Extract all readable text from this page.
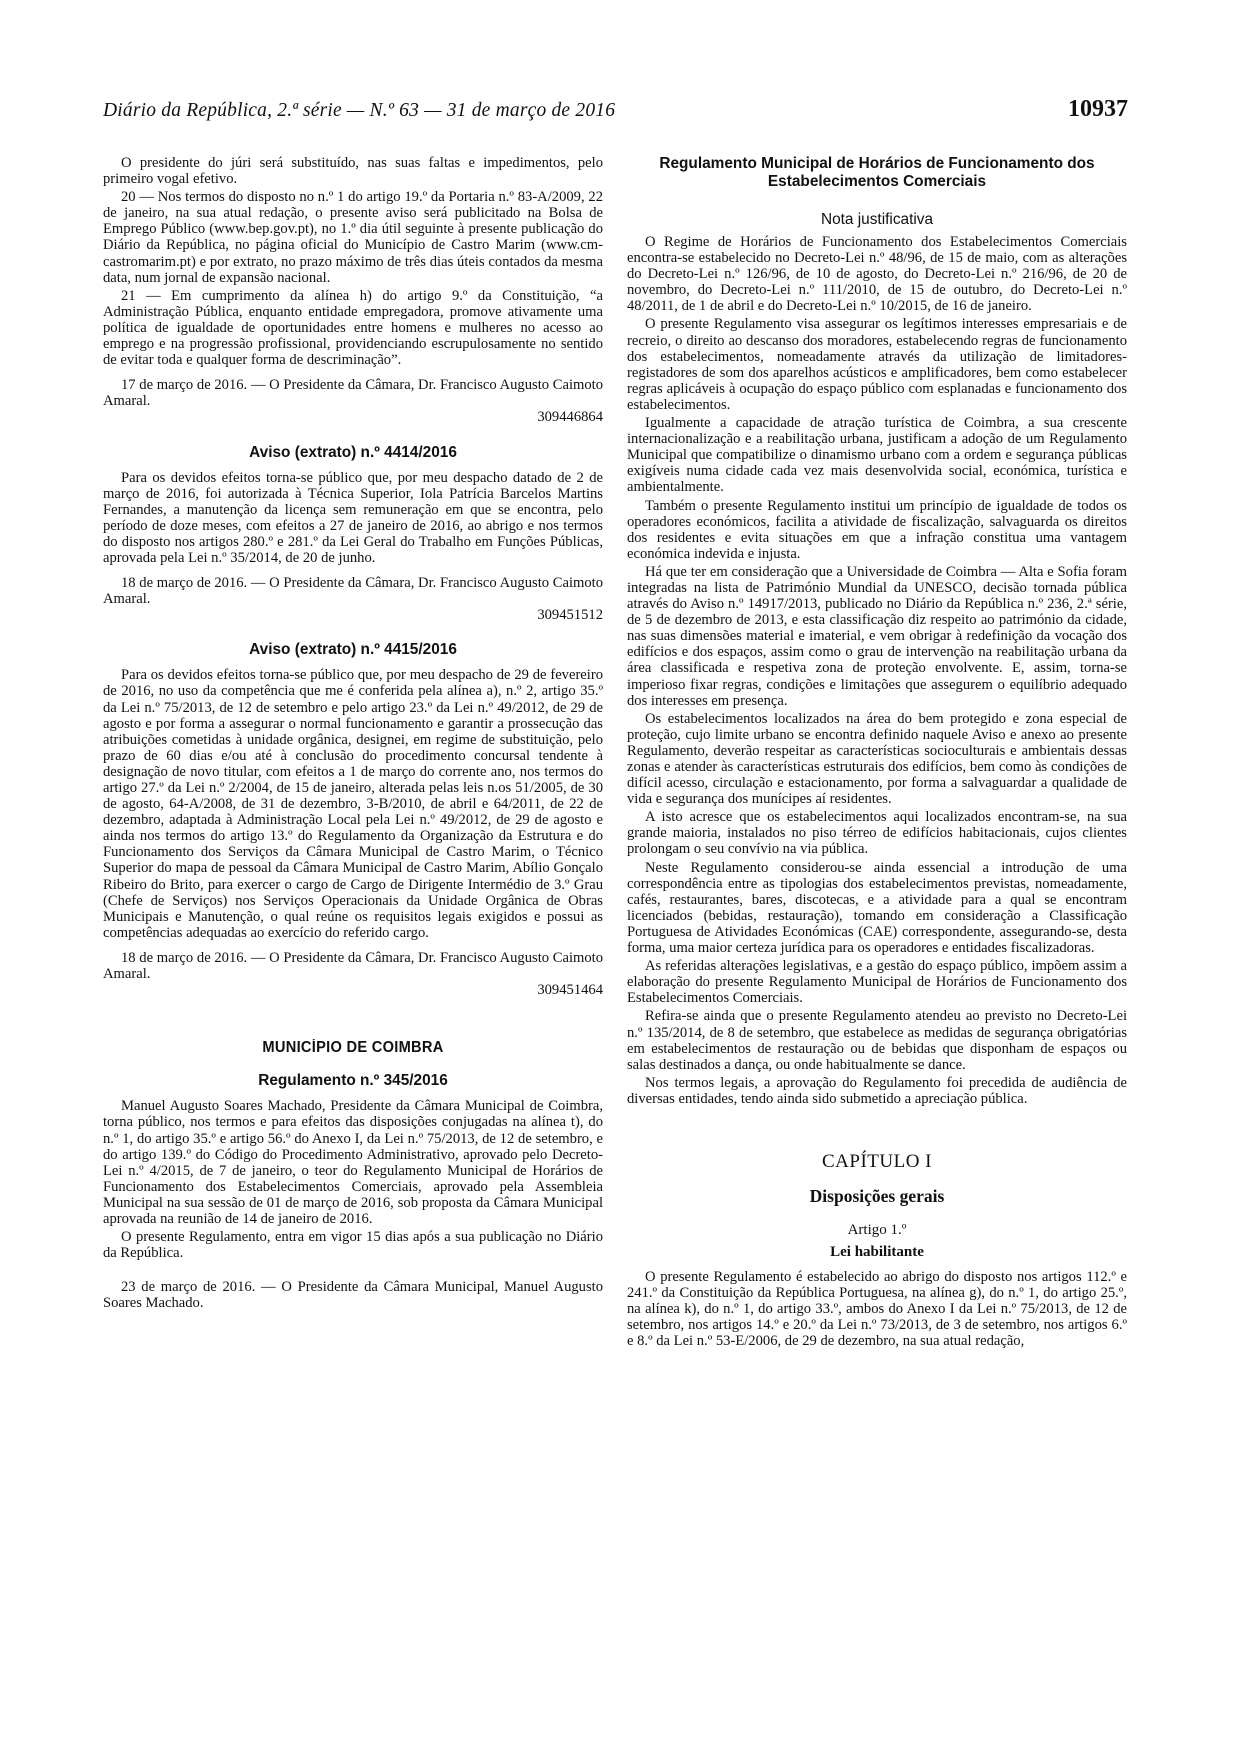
Diário da República, 2.ª série — N.º 63 — 31 de março de 2016	10937

O presidente do júri será substituído, nas suas faltas e impedimentos, pelo primeiro vogal efetivo.

20 — Nos termos do disposto no n.º 1 do artigo 19.º da Portaria n.º 83-A/2009, 22 de janeiro, na sua atual redação, o presente aviso será publicitado na Bolsa de Emprego Público (www.bep.gov.pt), no 1.º dia útil seguinte à presente publicação do Diário da República, no página oficial do Município de Castro Marim (www.cm-castromarim.pt) e por extrato, no prazo máximo de três dias úteis contados da mesma data, num jornal de expansão nacional.

21 — Em cumprimento da alínea h) do artigo 9.º da Constituição, “a Administração Pública, enquanto entidade empregadora, promove ativamente uma política de igualdade de oportunidades entre homens e mulheres no acesso ao emprego e na progressão profissional, providenciando escrupulosamente no sentido de evitar toda e qualquer forma de descriminação”.

17 de março de 2016. — O Presidente da Câmara, Dr. Francisco Augusto Caimoto Amaral.

309446864

Aviso (extrato) n.º 4414/2016

Para os devidos efeitos torna-se público que, por meu despacho datado de 2 de março de 2016, foi autorizada à Técnica Superior, Iola Patrícia Barcelos Martins Fernandes, a manutenção da licença sem remuneração em que se encontra, pelo período de doze meses, com efeitos a 27 de janeiro de 2016, ao abrigo e nos termos do disposto nos artigos 280.º e 281.º da Lei Geral do Trabalho em Funções Públicas, aprovada pela Lei n.º 35/2014, de 20 de junho.

18 de março de 2016. — O Presidente da Câmara, Dr. Francisco Augusto Caimoto Amaral.

309451512

Aviso (extrato) n.º 4415/2016

Para os devidos efeitos torna-se público que, por meu despacho de 29 de fevereiro de 2016, no uso da competência que me é conferida pela alínea a), n.º 2, artigo 35.º da Lei n.º 75/2013, de 12 de setembro e pelo artigo 23.º da Lei n.º 49/2012, de 29 de agosto e por forma a assegurar o normal funcionamento e garantir a prossecução das atribuições cometidas à unidade orgânica, designei, em regime de substituição, pelo prazo de 60 dias e/ou até à conclusão do procedimento concursal tendente à designação de novo titular, com efeitos a 1 de março do corrente ano, nos termos do artigo 27.º da Lei n.º 2/2004, de 15 de janeiro, alterada pelas leis n.os 51/2005, de 30 de agosto, 64-A/2008, de 31 de dezembro, 3-B/2010, de abril e 64/2011, de 22 de dezembro, adaptada à Administração Local pela Lei n.º 49/2012, de 29 de agosto e ainda nos termos do artigo 13.º do Regulamento da Organização da Estrutura e do Funcionamento dos Serviços da Câmara Municipal de Castro Marim, o Técnico Superior do mapa de pessoal da Câmara Municipal de Castro Marim, Abílio Gonçalo Ribeiro do Brito, para exercer o cargo de Cargo de Dirigente Intermédio de 3.º Grau (Chefe de Serviços) nos Serviços Operacionais da Unidade Orgânica de Obras Municipais e Manutenção, o qual reúne os requisitos legais exigidos e possui as competências adequadas ao exercício do referido cargo.

18 de março de 2016. — O Presidente da Câmara, Dr. Francisco Augusto Caimoto Amaral.

309451464

MUNICÍPIO DE COIMBRA

Regulamento n.º 345/2016

Manuel Augusto Soares Machado, Presidente da Câmara Municipal de Coimbra, torna público, nos termos e para efeitos das disposições conjugadas na alínea t), do n.º 1, do artigo 35.º e artigo 56.º do Anexo I, da Lei n.º 75/2013, de 12 de setembro, e do artigo 139.º do Código do Procedimento Administrativo, aprovado pelo Decreto-Lei n.º 4/2015, de 7 de janeiro, o teor do Regulamento Municipal de Horários de Funcionamento dos Estabelecimentos Comerciais, aprovado pela Assembleia Municipal na sua sessão de 01 de março de 2016, sob proposta da Câmara Municipal aprovada na reunião de 14 de janeiro de 2016.

O presente Regulamento, entra em vigor 15 dias após a sua publicação no Diário da República.

23 de março de 2016. — O Presidente da Câmara Municipal, Manuel Augusto Soares Machado.

Regulamento Municipal de Horários de Funcionamento dos Estabelecimentos Comerciais

Nota justificativa

O Regime de Horários de Funcionamento dos Estabelecimentos Comerciais encontra-se estabelecido no Decreto-Lei n.º 48/96, de 15 de maio, com as alterações do Decreto-Lei n.º 126/96, de 10 de agosto, do Decreto-Lei n.º 216/96, de 20 de novembro, do Decreto-Lei n.º 111/2010, de 15 de outubro, do Decreto-Lei n.º 48/2011, de 1 de abril e do Decreto-Lei n.º 10/2015, de 16 de janeiro.

O presente Regulamento visa assegurar os legítimos interesses empresariais e de recreio, o direito ao descanso dos moradores, estabelecendo regras de funcionamento dos estabelecimentos, nomeadamente através da utilização de limitadores-registadores de som dos aparelhos acústicos e amplificadores, bem como estabelecer regras aplicáveis à ocupação do espaço público com esplanadas e funcionamento dos estabelecimentos.

Igualmente a capacidade de atração turística de Coimbra, a sua crescente internacionalização e a reabilitação urbana, justificam a adoção de um Regulamento Municipal que compatibilize o dinamismo urbano com a ordem e segurança públicas exigíveis numa cidade cada vez mais desenvolvida social, económica, turística e ambientalmente.

Também o presente Regulamento institui um princípio de igualdade de todos os operadores económicos, facilita a atividade de fiscalização, salvaguarda os direitos dos residentes e evita situações em que a infração constitua uma vantagem económica indevida e injusta.

Há que ter em consideração que a Universidade de Coimbra — Alta e Sofia foram integradas na lista de Património Mundial da UNESCO, decisão tornada pública através do Aviso n.º 14917/2013, publicado no Diário da República n.º 236, 2.ª série, de 5 de dezembro de 2013, e esta classificação diz respeito ao património da cidade, nas suas dimensões material e imaterial, e vem obrigar à redefinição da vocação dos edifícios e dos espaços, assim como o grau de intervenção na reabilitação urbana da área classificada e respetiva zona de proteção envolvente. E, assim, torna-se imperioso fixar regras, condições e limitações que assegurem o equilíbrio adequado dos interesses em presença.

Os estabelecimentos localizados na área do bem protegido e zona especial de proteção, cujo limite urbano se encontra definido naquele Aviso e anexo ao presente Regulamento, deverão respeitar as características socioculturais e ambientais dessas zonas e atender às características estruturais dos edifícios, bem como às condições de difícil acesso, circulação e estacionamento, por forma a salvaguardar a qualidade de vida e segurança dos munícipes aí residentes.

A isto acresce que os estabelecimentos aqui localizados encontram-se, na sua grande maioria, instalados no piso térreo de edifícios habitacionais, cujos clientes prolongam o seu convívio na via pública.

Neste Regulamento considerou-se ainda essencial a introdução de uma correspondência entre as tipologias dos estabelecimentos previstas, nomeadamente, cafés, restaurantes, bares, discotecas, e a atividade para a qual se encontram licenciados (bebidas, restauração), tomando em consideração a Classificação Portuguesa de Atividades Económicas (CAE) correspondente, assegurando-se, desta forma, uma maior certeza jurídica para os operadores e entidades fiscalizadoras.

As referidas alterações legislativas, e a gestão do espaço público, impõem assim a elaboração do presente Regulamento Municipal de Horários de Funcionamento dos Estabelecimentos Comerciais.

Refira-se ainda que o presente Regulamento atendeu ao previsto no Decreto-Lei n.º 135/2014, de 8 de setembro, que estabelece as medidas de segurança obrigatórias em estabelecimentos de restauração ou de bebidas que disponham de espaços ou salas destinados a dança, ou onde habitualmente se dance.

Nos termos legais, a aprovação do Regulamento foi precedida de audiência de diversas entidades, tendo ainda sido submetido a apreciação pública.

CAPÍTULO I

Disposições gerais

Artigo 1.º

Lei habilitante

O presente Regulamento é estabelecido ao abrigo do disposto nos artigos 112.º e 241.º da Constituição da República Portuguesa, na alínea g), do n.º 1, do artigo 25.º, na alínea k), do n.º 1, do artigo 33.º, ambos do Anexo I da Lei n.º 75/2013, de 12 de setembro, nos artigos 14.º e 20.º da Lei n.º 73/2013, de 3 de setembro, nos artigos 6.º e 8.º da Lei n.º 53-E/2006, de 29 de dezembro, na sua atual redação,
